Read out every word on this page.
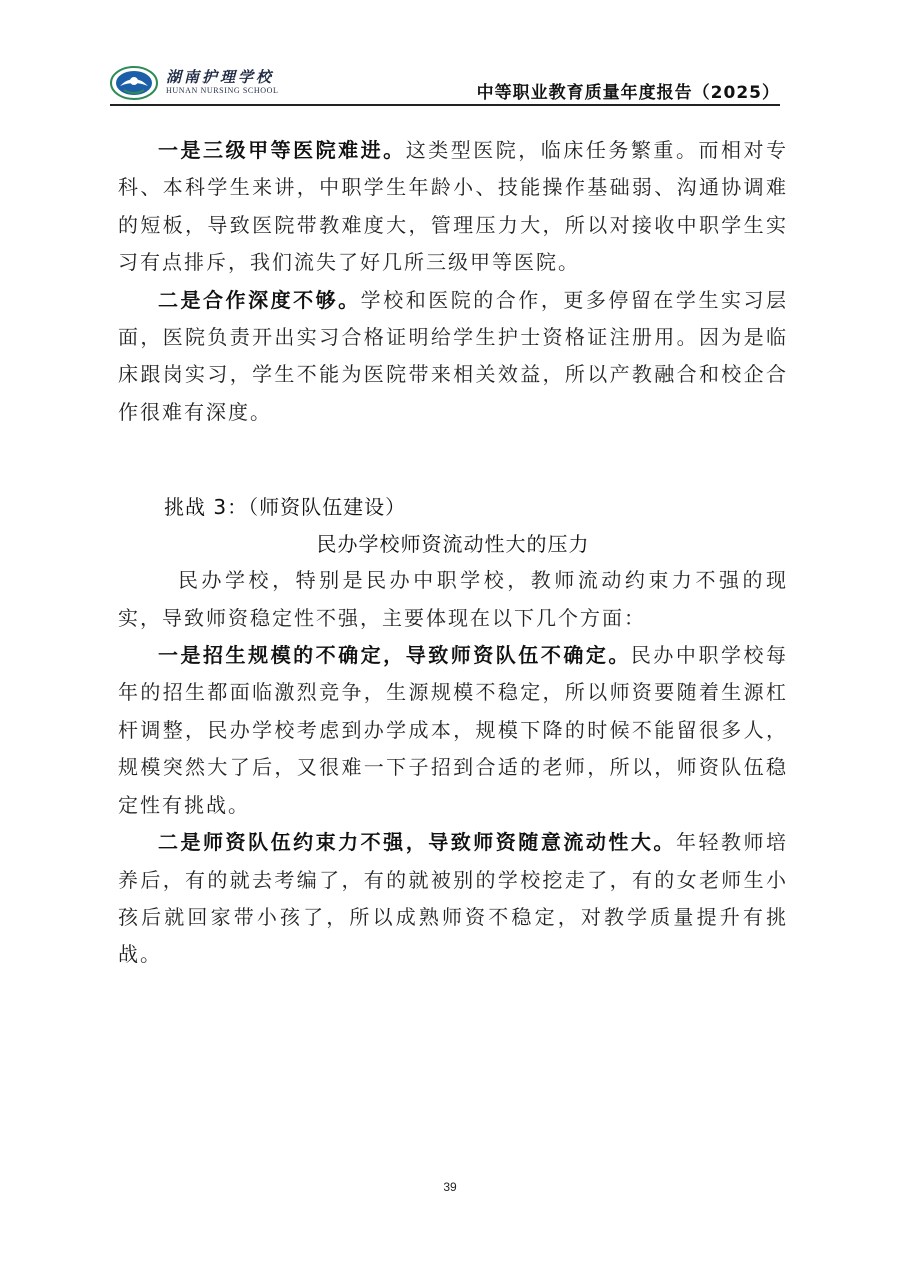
湖南护理学校
HUNAN NURSING SCHOOL	中等职业教育质量年度报告（2025）

一是三级甲等医院难进。这类型医院，临床任务繁重。而相对专科、本科学生来讲，中职学生年龄小、技能操作基础弱、沟通协调难的短板，导致医院带教难度大，管理压力大，所以对接收中职学生实习有点排斥，我们流失了好几所三级甲等医院。

二是合作深度不够。学校和医院的合作，更多停留在学生实习层面，医院负责开出实习合格证明给学生护士资格证注册用。因为是临床跟岗实习，学生不能为医院带来相关效益，所以产教融合和校企合作很难有深度。

挑战 3：（师资队伍建设）

民办学校师资流动性大的压力

民办学校，特别是民办中职学校，教师流动约束力不强的现实，导致师资稳定性不强，主要体现在以下几个方面：

一是招生规模的不确定，导致师资队伍不确定。民办中职学校每年的招生都面临激烈竞争，生源规模不稳定，所以师资要随着生源杠杆调整，民办学校考虑到办学成本，规模下降的时候不能留很多人，规模突然大了后，又很难一下子招到合适的老师，所以，师资队伍稳定性有挑战。

二是师资队伍约束力不强，导致师资随意流动性大。年轻教师培养后，有的就去考编了，有的就被别的学校挖走了，有的女老师生小孩后就回家带小孩了，所以成熟师资不稳定，对教学质量提升有挑战。

39
